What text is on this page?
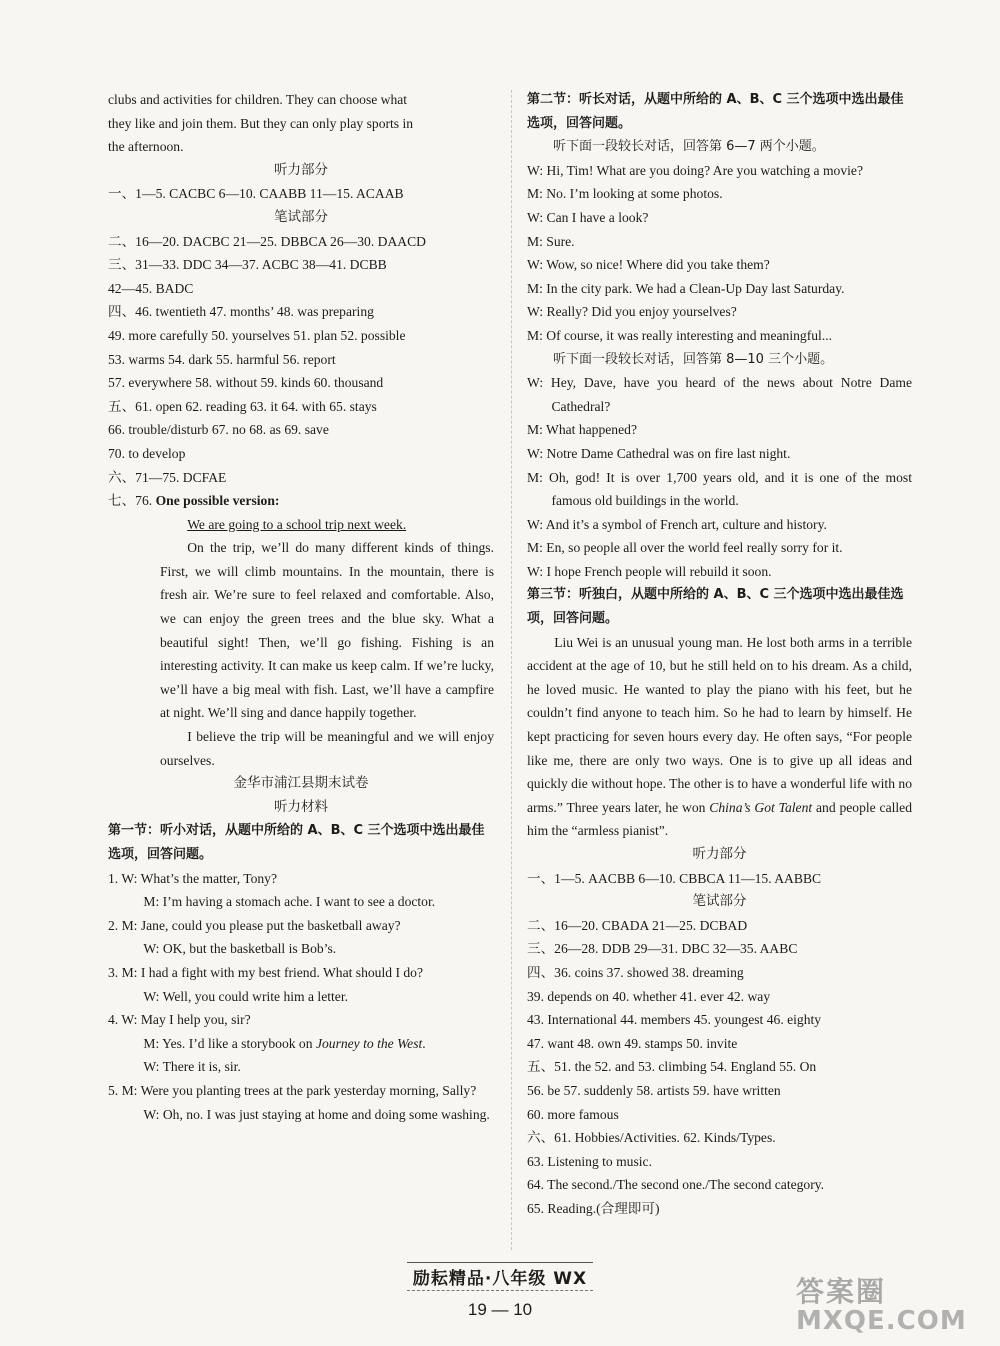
clubs and activities for children. They can choose what

they like and join them. But they can only play sports in

the afternoon.

听力部分

一、1—5. CACBC 6—10. CAABB 11—15. ACAAB

笔试部分

二、16—20. DACBC 21—25. DBBCA 26—30. DAACD

三、31—33. DDC 34—37. ACBC 38—41. DCBB

42—45. BADC

四、46. twentieth 47. months’ 48. was preparing

49. more carefully 50. yourselves 51. plan 52. possible

53. warms 54. dark 55. harmful 56. report

57. everywhere 58. without 59. kinds 60. thousand

五、61. open 62. reading 63. it 64. with 65. stays

66. trouble/disturb 67. no 68. as 69. save

70. to develop

六、71—75. DCFAE

七、76. One possible version:

We are going to a school trip next week.

On the trip, we’ll do many different kinds of things. First, we will climb mountains. In the mountain, there is fresh air. We’re sure to feel relaxed and comfortable. Also, we can enjoy the green trees and the blue sky. What a beautiful sight! Then, we’ll go fishing. Fishing is an interesting activity. It can make us keep calm. If we’re lucky, we’ll have a big meal with fish. Last, we’ll have a campfire at night. We’ll sing and dance happily together.

I believe the trip will be meaningful and we will enjoy ourselves.

金华市浦江县期末试卷

听力材料

第一节：听小对话，从题中所给的 A、B、C 三个选项中选出最佳选项，回答问题。

1. W: What’s the matter, Tony?

M: I’m having a stomach ache. I want to see a doctor.

2. M: Jane, could you please put the basketball away?

W: OK, but the basketball is Bob’s.

3. M: I had a fight with my best friend. What should I do?

W: Well, you could write him a letter.

4. W: May I help you, sir?

M: Yes. I’d like a storybook on Journey to the West.

W: There it is, sir.

5. M: Were you planting trees at the park yesterday morning, Sally?

W: Oh, no. I was just staying at home and doing some washing.

第二节：听长对话，从题中所给的 A、B、C 三个选项中选出最佳选项，回答问题。

听下面一段较长对话，回答第 6—7 两个小题。

W: Hi, Tim! What are you doing? Are you watching a movie?

M: No. I’m looking at some photos.

W: Can I have a look?

M: Sure.

W: Wow, so nice! Where did you take them?

M: In the city park. We had a Clean-Up Day last Saturday.

W: Really? Did you enjoy yourselves?

M: Of course, it was really interesting and meaningful...

听下面一段较长对话，回答第 8—10 三个小题。

W: Hey, Dave, have you heard of the news about Notre Dame Cathedral?

M: What happened?

W: Notre Dame Cathedral was on fire last night.

M: Oh, god! It is over 1,700 years old, and it is one of the most famous old buildings in the world.

W: And it’s a symbol of French art, culture and history.

M: En, so people all over the world feel really sorry for it.

W: I hope French people will rebuild it soon.

第三节：听独白，从题中所给的 A、B、C 三个选项中选出最佳选项，回答问题。

Liu Wei is an unusual young man. He lost both arms in a terrible accident at the age of 10, but he still held on to his dream. As a child, he loved music. He wanted to play the piano with his feet, but he couldn’t find anyone to teach him. So he had to learn by himself. He kept practicing for seven hours every day. He often says, “For people like me, there are only two ways. One is to give up all ideas and quickly die without hope. The other is to have a wonderful life with no arms.” Three years later, he won China’s Got Talent and people called him the “armless pianist”.

听力部分

一、1—5. AACBB 6—10. CBBCA 11—15. AABBC

笔试部分

二、16—20. CBADA 21—25. DCBAD

三、26—28. DDB 29—31. DBC 32—35. AABC

四、36. coins 37. showed 38. dreaming

39. depends on 40. whether 41. ever 42. way

43. International 44. members 45. youngest 46. eighty

47. want 48. own 49. stamps 50. invite

五、51. the 52. and 53. climbing 54. England 55. On

56. be 57. suddenly 58. artists 59. have written

60. more famous

六、61. Hobbies/Activities. 62. Kinds/Types.

63. Listening to music.

64. The second./The second one./The second category.

65. Reading.(合理即可)

励耘精品·八年级 WX
19 — 10
答案圈
MXQE.COM
